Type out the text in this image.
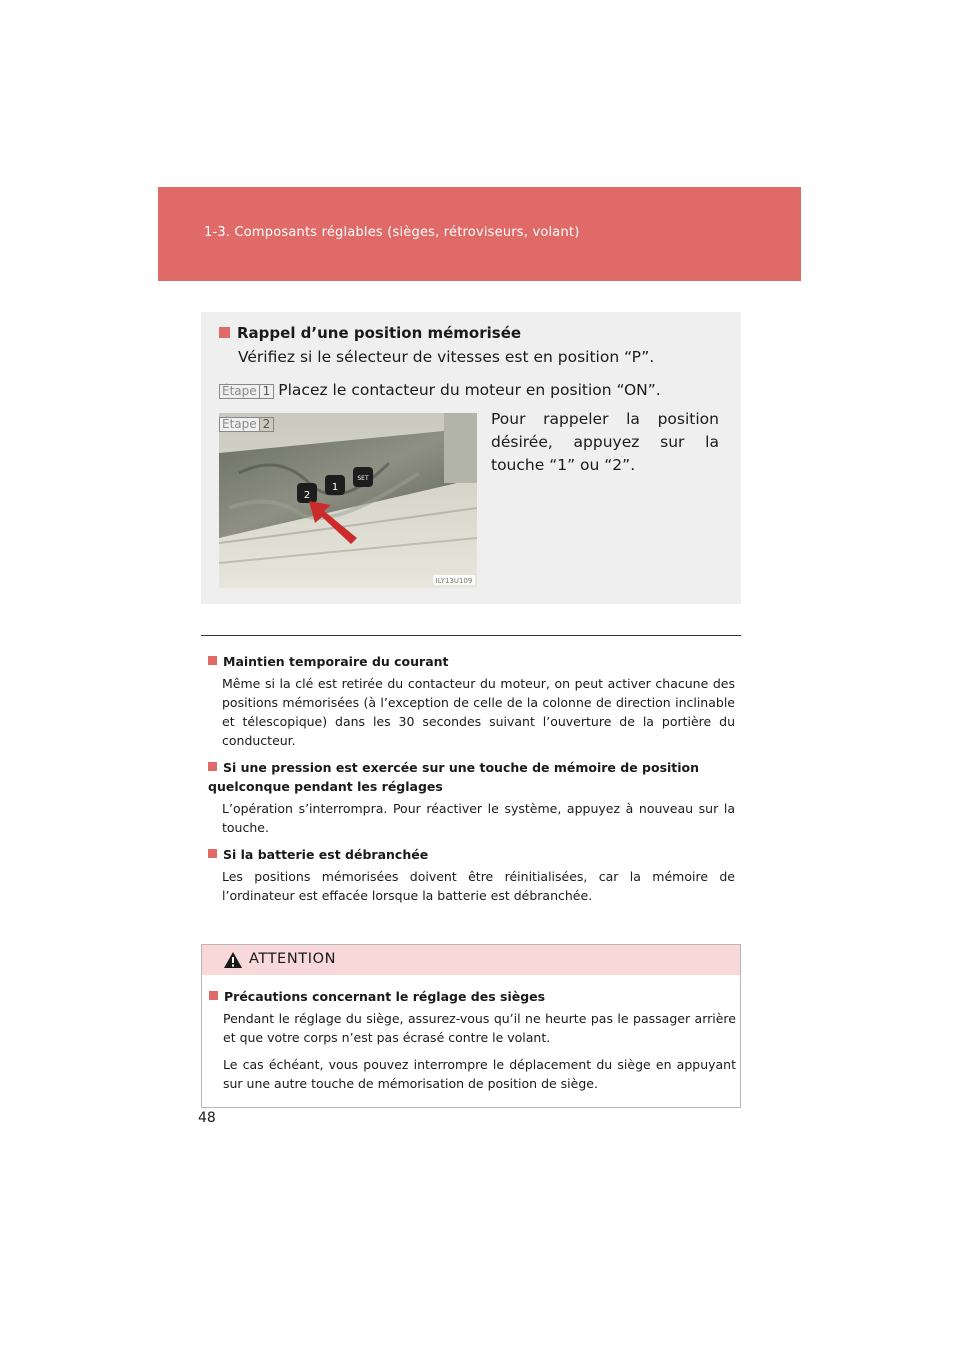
1-3. Composants réglables (sièges, rétroviseurs, volant)
Rappel d’une position mémorisée
Vérifiez si le sélecteur de vitesses est en position “P”.
Étape 1 Placez le contacteur du moteur en position “ON”.
2
1
SET
ILY13U109
Étape 2	Pour rappeler la position désirée, appuyez sur la touche “1” ou “2”.

Maintien temporaire du courant

Même si la clé est retirée du contacteur du moteur, on peut activer chacune des positions mémorisées (à l’exception de celle de la colonne de direction inclinable et télescopique) dans les 30 secondes suivant l’ouverture de la portière du conducteur.

Si une pression est exercée sur une touche de mémoire de position quelconque pendant les réglages

L’opération s’interrompra. Pour réactiver le système, appuyez à nouveau sur la touche.

Si la batterie est débranchée

Les positions mémorisées doivent être réinitialisées, car la mémoire de l’ordinateur est effacée lorsque la batterie est débranchée.

ATTENTION

Précautions concernant le réglage des sièges

Pendant le réglage du siège, assurez-vous qu’il ne heurte pas le passager arrière et que votre corps n’est pas écrasé contre le volant.

Le cas échéant, vous pouvez interrompre le déplacement du siège en appuyant sur une autre touche de mémorisation de position de siège.

48
